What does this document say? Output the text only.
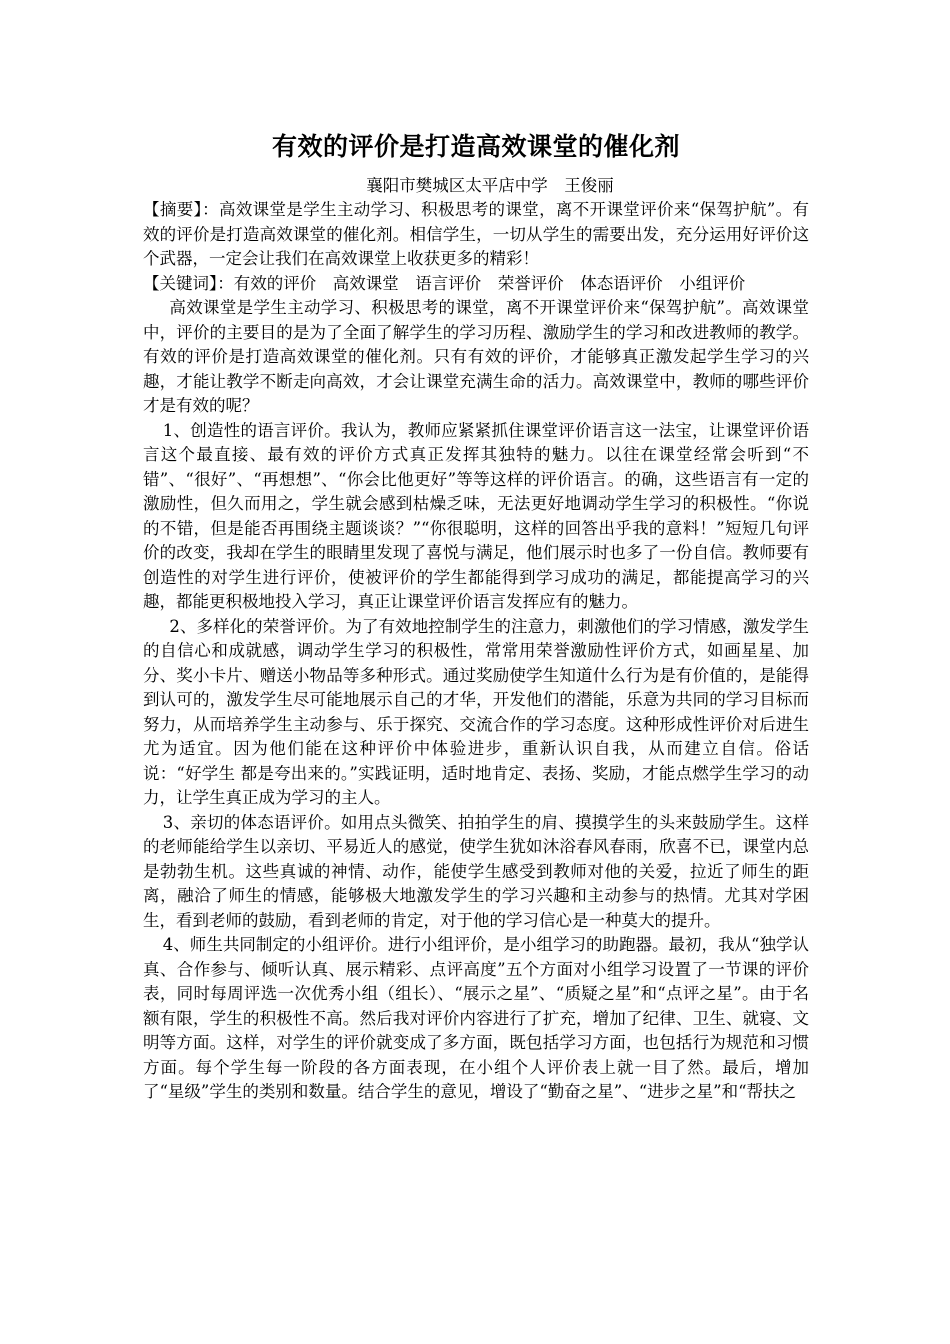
有效的评价是打造高效课堂的催化剂

襄阳市樊城区太平店中学　王俊丽

【摘要】：高效课堂是学生主动学习、积极思考的课堂，离不开课堂评价来“保驾护航”。有效的评价是打造高效课堂的催化剂。相信学生，一切从学生的需要出发，充分运用好评价这个武器，一定会让我们在高效课堂上收获更多的精彩！

【关键词】：有效的评价　高效课堂　语言评价　荣誉评价　体态语评价　小组评价

高效课堂是学生主动学习、积极思考的课堂，离不开课堂评价来“保驾护航”。高效课堂中，评价的主要目的是为了全面了解学生的学习历程、激励学生的学习和改进教师的教学。有效的评价是打造高效课堂的催化剂。只有有效的评价，才能够真正激发起学生学习的兴趣，才能让教学不断走向高效，才会让课堂充满生命的活力。高效课堂中，教师的哪些评价才是有效的呢？

1、创造性的语言评价。我认为，教师应紧紧抓住课堂评价语言这一法宝，让课堂评价语言这个最直接、最有效的评价方式真正发挥其独特的魅力。以往在课堂经常会听到“不错”、“很好”、“再想想”、“你会比他更好”等等这样的评价语言。的确，这些语言有一定的激励性，但久而用之，学生就会感到枯燥乏味，无法更好地调动学生学习的积极性。“你说的不错，但是能否再围绕主题谈谈？”“你很聪明，这样的回答出乎我的意料！”短短几句评价的改变，我却在学生的眼睛里发现了喜悦与满足，他们展示时也多了一份自信。教师要有创造性的对学生进行评价，使被评价的学生都能得到学习成功的满足，都能提高学习的兴趣，都能更积极地投入学习，真正让课堂评价语言发挥应有的魅力。

2、多样化的荣誉评价。为了有效地控制学生的注意力，刺激他们的学习情感，激发学生的自信心和成就感，调动学生学习的积极性，常常用荣誉激励性评价方式，如画星星、加分、奖小卡片、赠送小物品等多种形式。通过奖励使学生知道什么行为是有价值的，是能得到认可的，激发学生尽可能地展示自己的才华，开发他们的潜能，乐意为共同的学习目标而努力，从而培养学生主动参与、乐于探究、交流合作的学习态度。这种形成性评价对后进生尤为适宜。因为他们能在这种评价中体验进步，重新认识自我，从而建立自信。俗话说：“好学生 都是夸出来的。”实践证明，适时地肯定、表扬、奖励，才能点燃学生学习的动力，让学生真正成为学习的主人。

3、亲切的体态语评价。如用点头微笑、拍拍学生的肩、摸摸学生的头来鼓励学生。这样的老师能给学生以亲切、平易近人的感觉，使学生犹如沐浴春风春雨，欣喜不已，课堂内总是勃勃生机。这些真诚的神情、动作，能使学生感受到教师对他的关爱，拉近了师生的距离，融洽了师生的情感，能够极大地激发学生的学习兴趣和主动参与的热情。尤其对学困生，看到老师的鼓励，看到老师的肯定，对于他的学习信心是一种莫大的提升。

4、师生共同制定的小组评价。进行小组评价，是小组学习的助跑器。最初，我从“独学认真、合作参与、倾听认真、展示精彩、点评高度”五个方面对小组学习设置了一节课的评价表，同时每周评选一次优秀小组（组长）、“展示之星”、“质疑之星”和“点评之星”。由于名额有限，学生的积极性不高。然后我对评价内容进行了扩充，增加了纪律、卫生、就寝、文明等方面。这样，对学生的评价就变成了多方面，既包括学习方面，也包括行为规范和习惯方面。每个学生每一阶段的各方面表现，在小组个人评价表上就一目了然。最后，增加了“星级”学生的类别和数量。结合学生的意见，增设了“勤奋之星”、“进步之星”和“帮扶之
